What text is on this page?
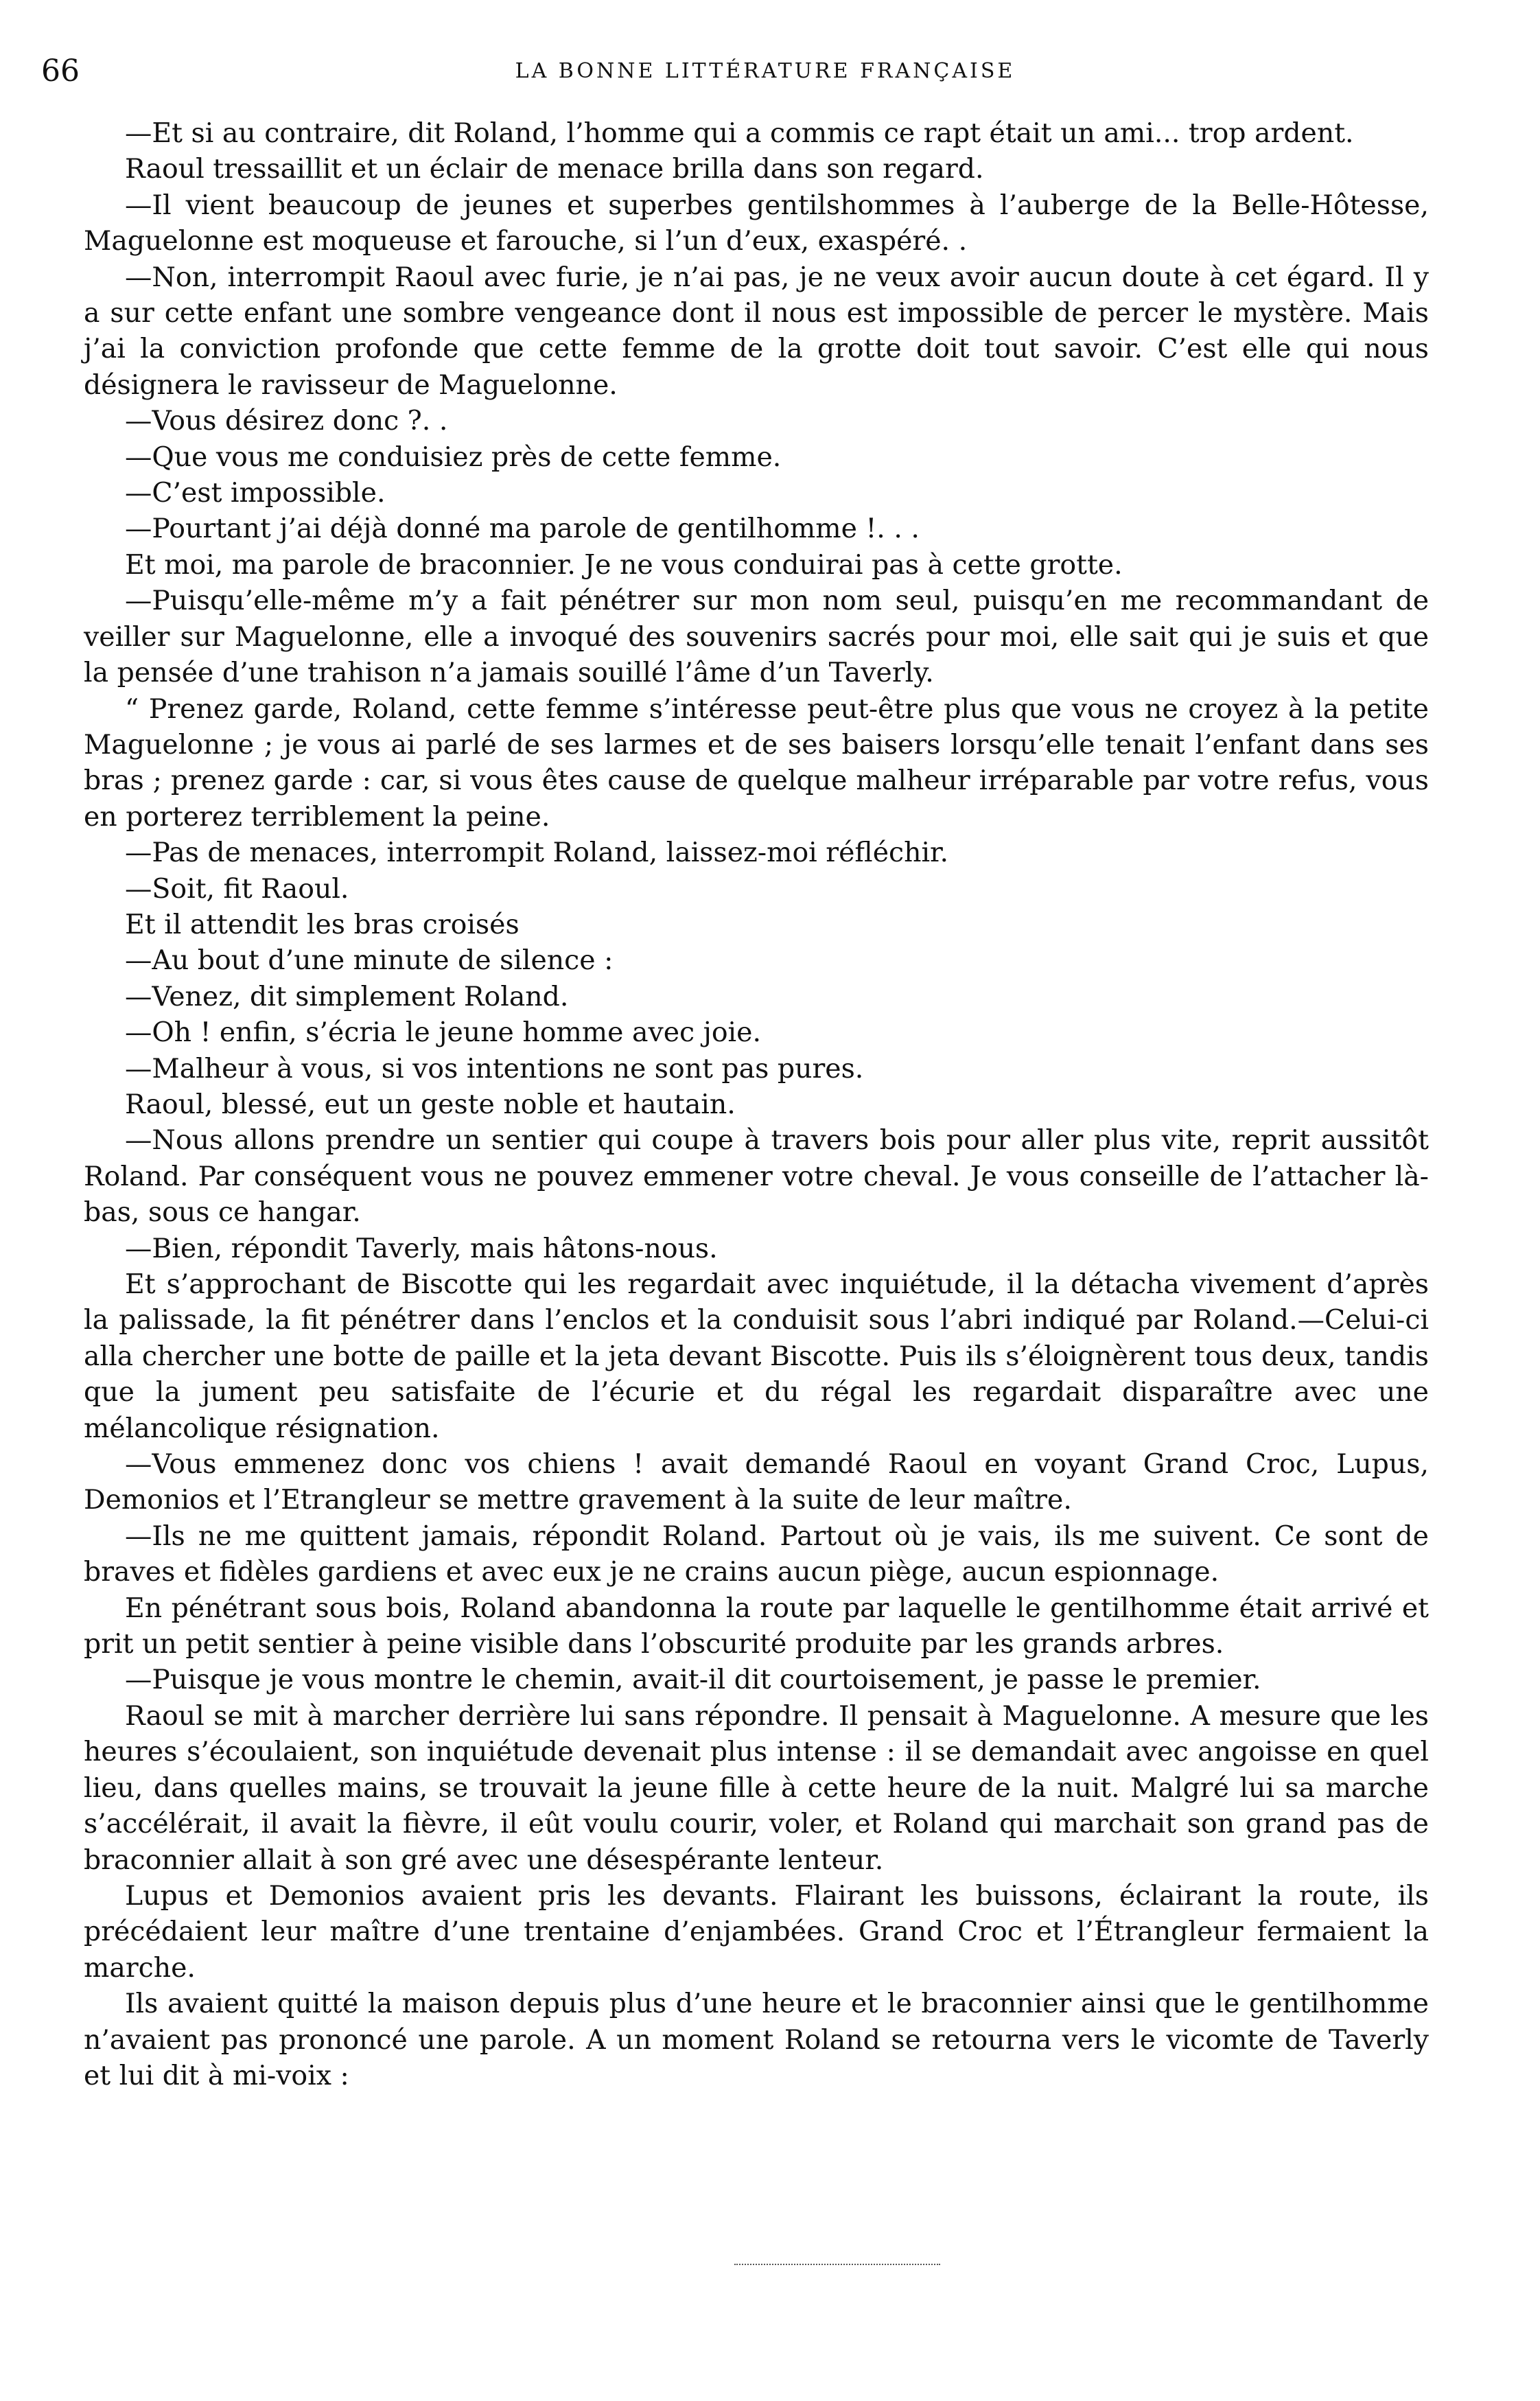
66	LA BONNE LITTÉRATURE FRANÇAISE

—Et si au contraire, dit Roland, l’homme qui a commis ce rapt était un ami... trop ardent.

Raoul tressaillit et un éclair de menace brilla dans son regard.

—Il vient beaucoup de jeunes et superbes gentilshommes à l’auberge de la Belle-Hôtesse, Maguelonne est moqueuse et farouche, si l’un d’eux, exaspéré. .

—Non, interrompit Raoul avec furie, je n’ai pas, je ne veux avoir aucun doute à cet égard. Il y a sur cette enfant une sombre vengeance dont il nous est impossible de percer le mystère. Mais j’ai la conviction profonde que cette femme de la grotte doit tout savoir. C’est elle qui nous désignera le ravisseur de Maguelonne.

—Vous désirez donc ?. .

—Que vous me conduisiez près de cette femme.

—C’est impossible.

—Pourtant j’ai déjà donné ma parole de gentilhomme !. . .

Et moi, ma parole de braconnier. Je ne vous conduirai pas à cette grotte.

—Puisqu’elle-même m’y a fait pénétrer sur mon nom seul, puisqu’en me recommandant de veiller sur Maguelonne, elle a invoqué des souvenirs sacrés pour moi, elle sait qui je suis et que la pensée d’une trahison n’a jamais souillé l’âme d’un Taverly.

“ Prenez garde, Roland, cette femme s’intéresse peut-être plus que vous ne croyez à la petite Maguelonne ; je vous ai parlé de ses larmes et de ses baisers lorsqu’elle tenait l’enfant dans ses bras ; prenez garde : car, si vous êtes cause de quelque malheur irréparable par votre refus, vous en porterez terriblement la peine.

—Pas de menaces, interrompit Roland, laissez-moi réfléchir.

—Soit, fit Raoul.

Et il attendit les bras croisés

—Au bout d’une minute de silence :

—Venez, dit simplement Roland.

—Oh ! enfin, s’écria le jeune homme avec joie.

—Malheur à vous, si vos intentions ne sont pas pures.

Raoul, blessé, eut un geste noble et hautain.

—Nous allons prendre un sentier qui coupe à travers bois pour aller plus vite, reprit aussitôt Roland. Par conséquent vous ne pouvez emmener votre cheval. Je vous conseille de l’attacher là-bas, sous ce hangar.

—Bien, répondit Taverly, mais hâtons-nous.

Et s’approchant de Biscotte qui les regardait avec inquiétude, il la détacha vivement d’après la palissade, la fit pénétrer dans l’enclos et la conduisit sous l’abri indiqué par Roland.—Celui-ci alla chercher une botte de paille et la jeta devant Biscotte. Puis ils s’éloignèrent tous deux, tandis que la jument peu satisfaite de l’écurie et du régal les regardait disparaître avec une mélancolique résignation.

—Vous emmenez donc vos chiens ! avait demandé Raoul en voyant Grand Croc, Lupus, Demonios et l’Etrangleur se mettre gravement à la suite de leur maître.

—Ils ne me quittent jamais, répondit Roland. Partout où je vais, ils me suivent. Ce sont de braves et fidèles gardiens et avec eux je ne crains aucun piège, aucun espionnage.

En pénétrant sous bois, Roland abandonna la route par laquelle le gentilhomme était arrivé et prit un petit sentier à peine visible dans l’obscurité produite par les grands arbres.

—Puisque je vous montre le chemin, avait-il dit courtoisement, je passe le premier.

Raoul se mit à marcher derrière lui sans répondre. Il pensait à Maguelonne. A mesure que les heures s’écoulaient, son inquiétude devenait plus intense : il se demandait avec angoisse en quel lieu, dans quelles mains, se trouvait la jeune fille à cette heure de la nuit. Malgré lui sa marche s’accélérait, il avait la fièvre, il eût voulu courir, voler, et Roland qui marchait son grand pas de braconnier allait à son gré avec une désespérante lenteur.

Lupus et Demonios avaient pris les devants. Flairant les buissons, éclairant la route, ils précédaient leur maître d’une trentaine d’enjambées. Grand Croc et l’Étrangleur fermaient la marche.

Ils avaient quitté la maison depuis plus d’une heure et le braconnier ainsi que le gentilhomme n’avaient pas prononcé une parole. A un moment Roland se retourna vers le vicomte de Taverly et lui dit à mi-voix :
